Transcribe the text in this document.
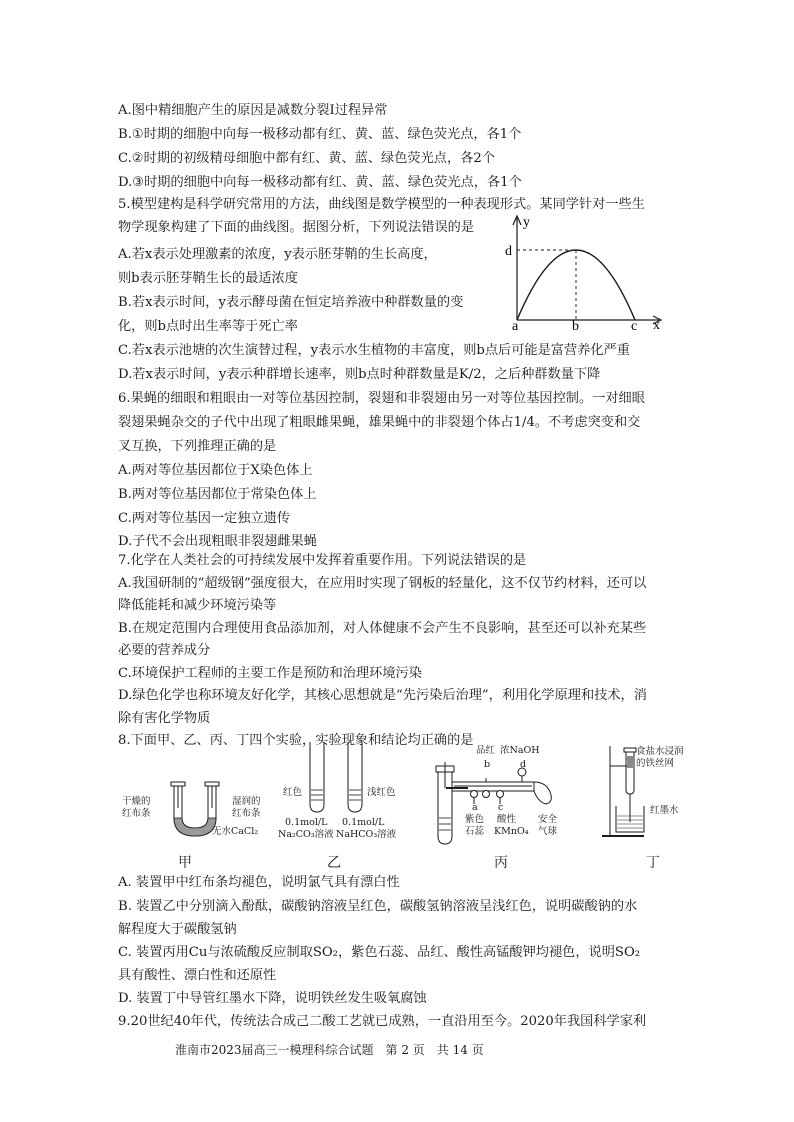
A.图中精细胞产生的原因是减数分裂Ⅰ过程异常
B.①时期的细胞中向每一极移动都有红、黄、蓝、绿色荧光点，各1个
C.②时期的初级精母细胞中都有红、黄、蓝、绿色荧光点，各2个
D.③时期的细胞中向每一极移动都有红、黄、蓝、绿色荧光点，各1个
5.模型建构是科学研究常用的方法，曲线图是数学模型的一种表现形式。某同学针对一些生
物学现象构建了下面的曲线图。据图分析，下列说法错误的是
A.若x表示处理激素的浓度，y表示胚芽鞘的生长高度，
则b表示胚芽鞘生长的最适浓度
B.若x表示时间，y表示酵母菌在恒定培养液中种群数量的变
化，则b点时出生率等于死亡率
C.若x表示池塘的次生演替过程，y表示水生植物的丰富度，则b点后可能是富营养化严重
D.若x表示时间，y表示种群增长速率，则b点时种群数量是K/2，之后种群数量下降
y
x
d
a	b	c
6.果蝇的细眼和粗眼由一对等位基因控制，裂翅和非裂翅由另一对等位基因控制。一对细眼
裂翅果蝇杂交的子代中出现了粗眼雌果蝇，雄果蝇中的非裂翅个体占1/4。不考虑突变和交
叉互换，下列推理正确的是
A.两对等位基因都位于X染色体上
B.两对等位基因都位于常染色体上
C.两对等位基因一定独立遗传
D.子代不会出现粗眼非裂翅雌果蝇
7.化学在人类社会的可持续发展中发挥着重要作用。下列说法错误的是
A.我国研制的“超级钢”强度很大，在应用时实现了钢板的轻量化，这不仅节约材料，还可以
降低能耗和减少环境污染等
B.在规定范围内合理使用食品添加剂，对人体健康不会产生不良影响，甚至还可以补充某些
必要的营养成分
C.环境保护工程师的主要工作是预防和治理环境污染
D.绿色化学也称环境友好化学，其核心思想就是“先污染后治理”，利用化学原理和技术，消
除有害化学物质
8.下面甲、乙、丙、丁四个实验，实验现象和结论均正确的是
干燥的
红布条
湿润的
红布条
无水CaCl₂
红色	浅红色
0.1mol/L
Na₂CO₃溶液
0.1mol/L
NaHCO₃溶液
品红 浓NaOH
b	d
a c
紫色
石蕊
酸性
KMnO₄
安全
气球
食盐水浸润
的铁丝网
红墨水
甲	乙	丙	丁
A. 装置甲中红布条均褪色，说明氯气具有漂白性
B. 装置乙中分别滴入酚酞，碳酸钠溶液呈红色，碳酸氢钠溶液呈浅红色，说明碳酸钠的水
解程度大于碳酸氢钠
C. 装置丙用Cu与浓硫酸反应制取SO₂，紫色石蕊、品红、酸性高锰酸钾均褪色，说明SO₂
具有酸性、漂白性和还原性
D. 装置丁中导管红墨水下降，说明铁丝发生吸氧腐蚀
9.20世纪40年代，传统法合成己二酸工艺就已成熟，一直沿用至今。2020年我国科学家利
淮南市2023届高三一模理科综合试题　第 2 页　共 14 页
